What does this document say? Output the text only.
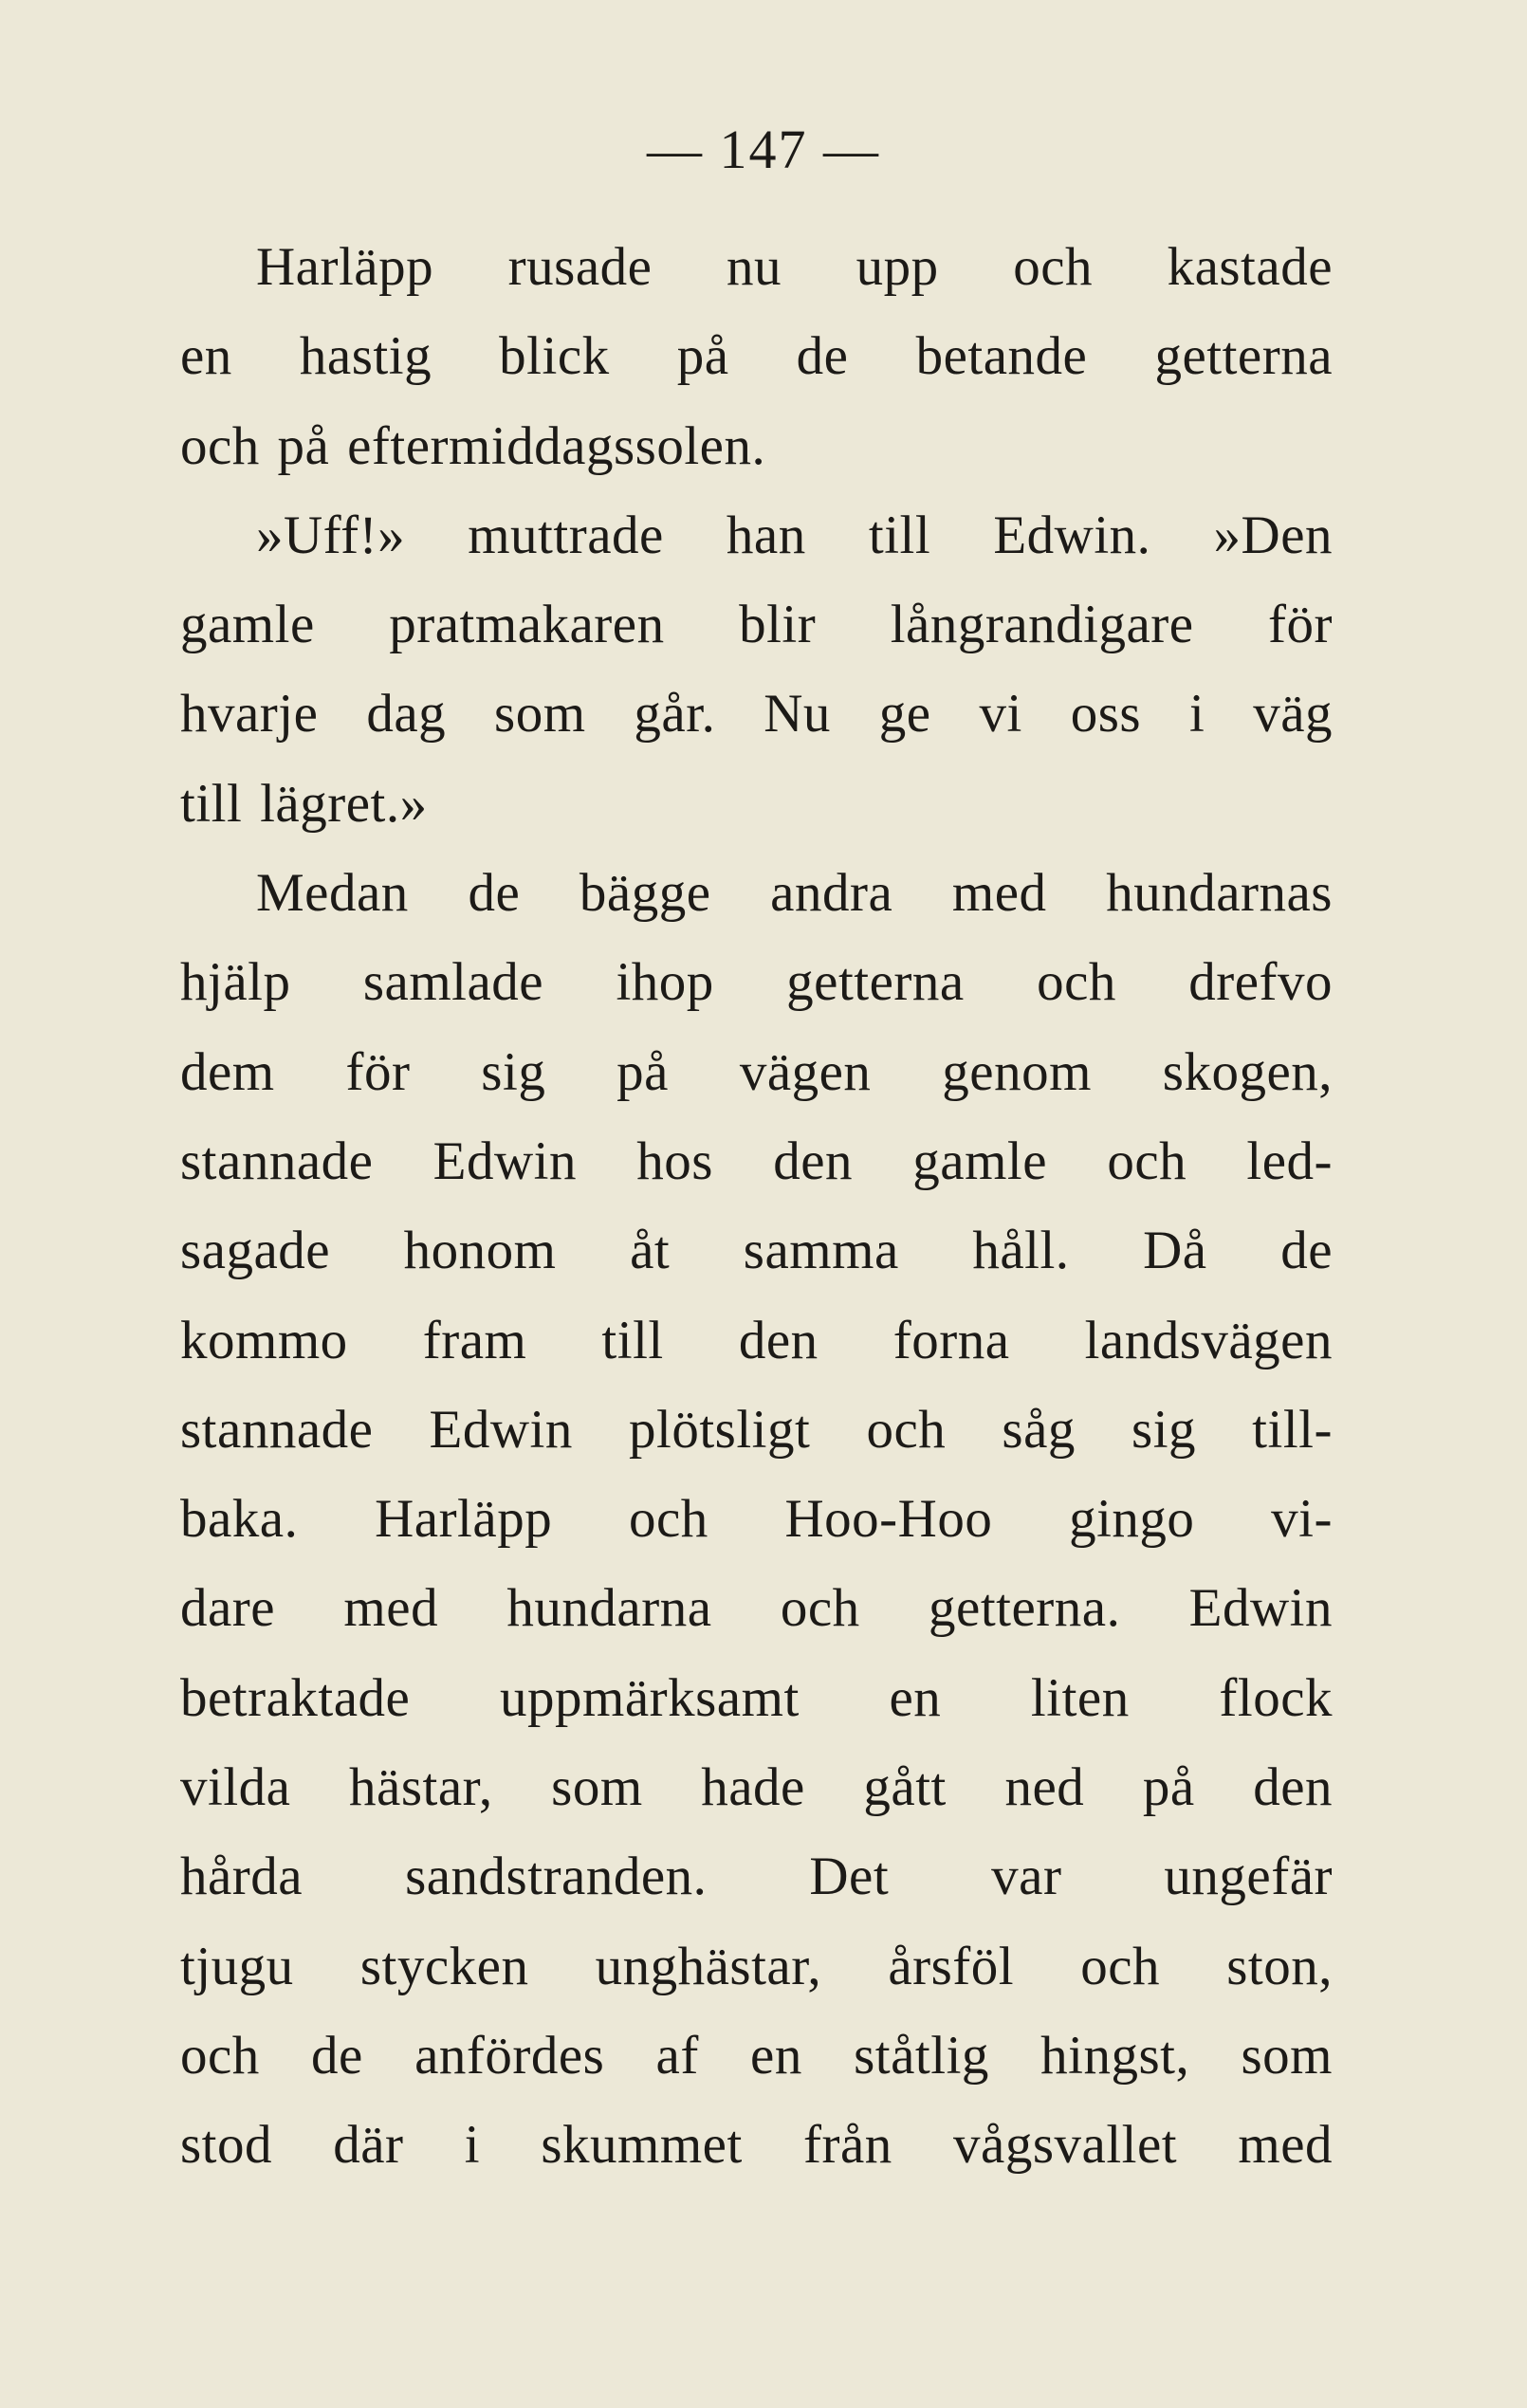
— 147 —
Harläpp rusade nu upp och kastade
en hastig blick på de betande getterna
och på eftermiddagssolen.
»Uff!» muttrade han till Edwin. »Den
gamle pratmakaren blir långrandigare för
hvarje dag som går. Nu ge vi oss i väg
till lägret.»
Medan de bägge andra med hundarnas
hjälp samlade ihop getterna och drefvo
dem för sig på vägen genom skogen,
stannade Edwin hos den gamle och led-
sagade honom åt samma håll. Då de
kommo fram till den forna landsvägen
stannade Edwin plötsligt och såg sig till-
baka. Harläpp och Hoo-Hoo gingo vi-
dare med hundarna och getterna. Edwin
betraktade uppmärksamt en liten flock
vilda hästar, som hade gått ned på den
hårda sandstranden. Det var ungefär
tjugu stycken unghästar, årsföl och ston,
och de anfördes af en ståtlig hingst, som
stod där i skummet från vågsvallet med
